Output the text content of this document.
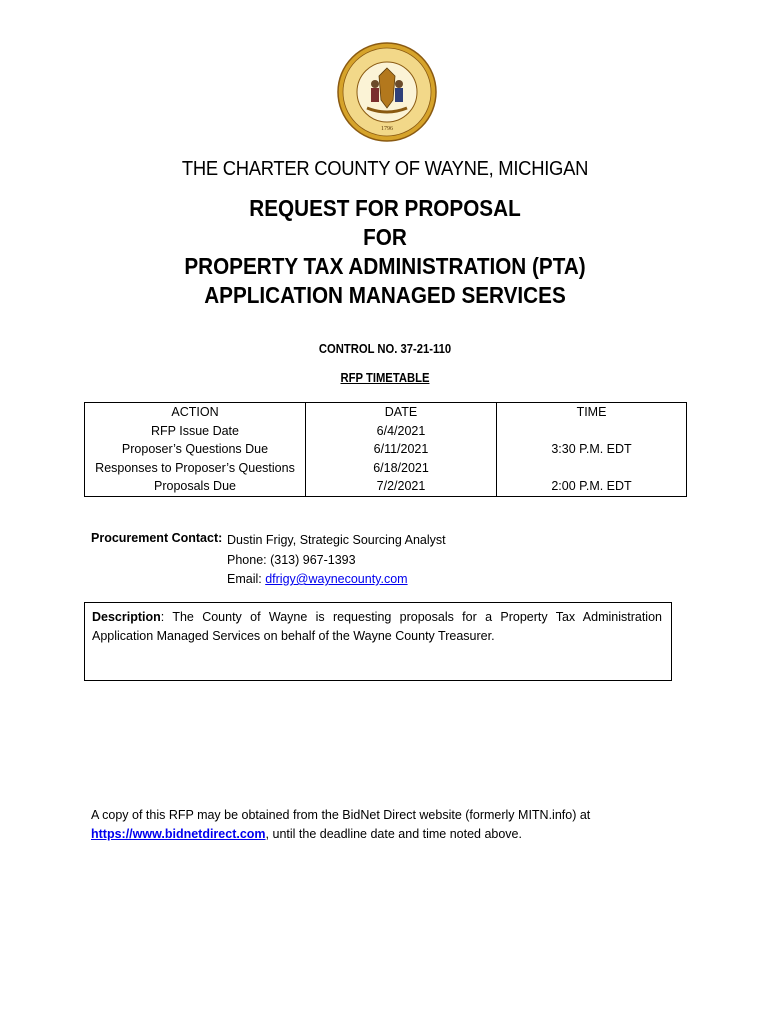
1796
THE CHARTER COUNTY OF WAYNE, MICHIGAN
REQUEST FOR PROPOSAL
FOR
PROPERTY TAX ADMINISTRATION (PTA)
APPLICATION MANAGED SERVICES
CONTROL NO. 37-21-110
RFP TIMETABLE
ACTION	DATE	TIME
RFP Issue Date	6/4/2021	
Proposer’s Questions Due	6/11/2021	3:30 P.M. EDT
Responses to Proposer’s Questions	6/18/2021	
Proposals Due	7/2/2021	2:00 P.M. EDT
Procurement Contact: Dustin Frigy, Strategic Sourcing Analyst
Phone: (313) 967-1393
Email: dfrigy@waynecounty.com
Description: The County of Wayne is requesting proposals for a Property Tax Administration Application Managed Services on behalf of the Wayne County Treasurer.
A copy of this RFP may be obtained from the BidNet Direct website (formerly MITN.info) at
https://www.bidnetdirect.com, until the deadline date and time noted above.
